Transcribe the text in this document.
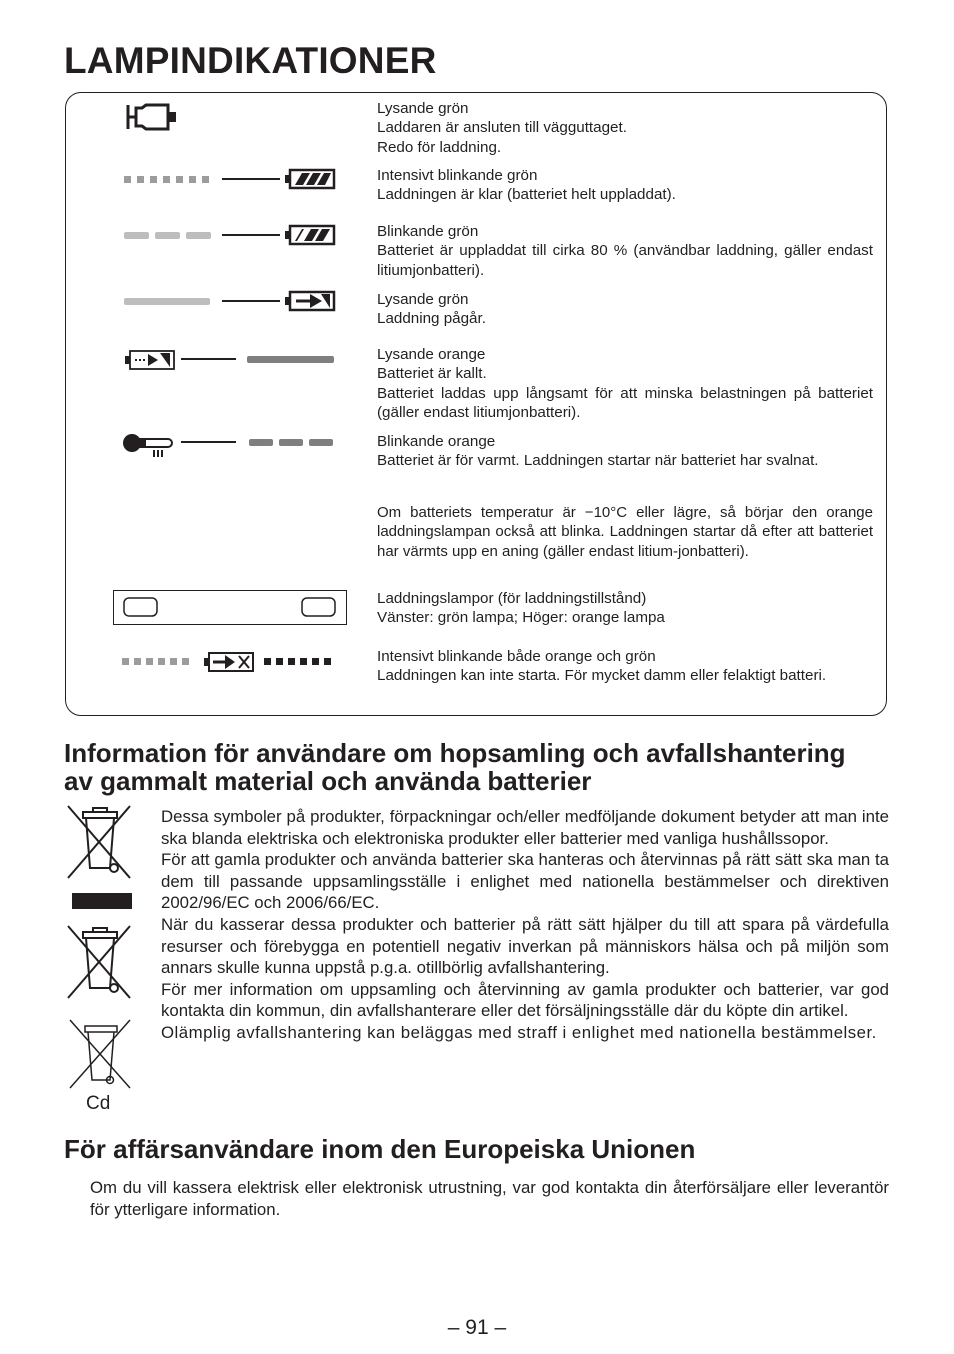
LAMPINDIKATIONER

Lysande grön

Laddaren är ansluten till vägguttaget.

Redo för laddning.

Intensivt blinkande grön

Laddningen är klar (batteriet helt uppladdat).

Blinkande grön

Batteriet är uppladdat till cirka 80 % (användbar laddning, gäller endast litiumjonbatteri).

Lysande grön

Laddning pågår.

Lysande orange

Batteriet är kallt.

Batteriet laddas upp långsamt för att minska belastningen på batteriet (gäller endast litiumjonbatteri).

Blinkande orange

Batteriet är för varmt. Laddningen startar när batteriet har svalnat.

Om batteriets temperatur är −10°C eller lägre, så börjar den orange laddningslampan också att blinka. Laddningen startar då efter att batteriet har värmts upp en aning (gäller endast litium-jonbatteri).

Laddningslampor (för laddningstillstånd)

Vänster: grön lampa; Höger: orange lampa

Intensivt blinkande både orange och grön

Laddningen kan inte starta. För mycket damm eller felaktigt batteri.

Information för användare om hopsamling och avfallshantering
av gammalt material och använda batterier
Cd

Dessa symboler på produkter, förpackningar och/eller medföljande dokument betyder att man inte ska blanda elektriska och elektroniska produkter eller batterier med vanliga hushållssopor.

För att gamla produkter och använda batterier ska hanteras och återvinnas på rätt sätt ska man ta dem till passande uppsamlingsställe i enlighet med nationella bestämmelser och direktiven 2002/96/EC och 2006/66/EC.

När du kasserar dessa produkter och batterier på rätt sätt hjälper du till att spara på värdefulla resurser och förebygga en potentiell negativ inverkan på människors hälsa och på miljön som annars skulle kunna uppstå p.g.a. otillbörlig avfallshantering.

För mer information om uppsamling och återvinning av gamla produkter och batterier, var god kontakta din kommun, din avfallshanterare eller det försäljningsställe där du köpte din artikel.

Olämplig avfallshantering kan beläggas med straff i enlighet med nationella bestämmelser.

För affärsanvändare inom den Europeiska Unionen

Om du vill kassera elektrisk eller elektronisk utrustning, var god kontakta din återförsäljare eller leverantör för ytterligare information.

– 91 –
